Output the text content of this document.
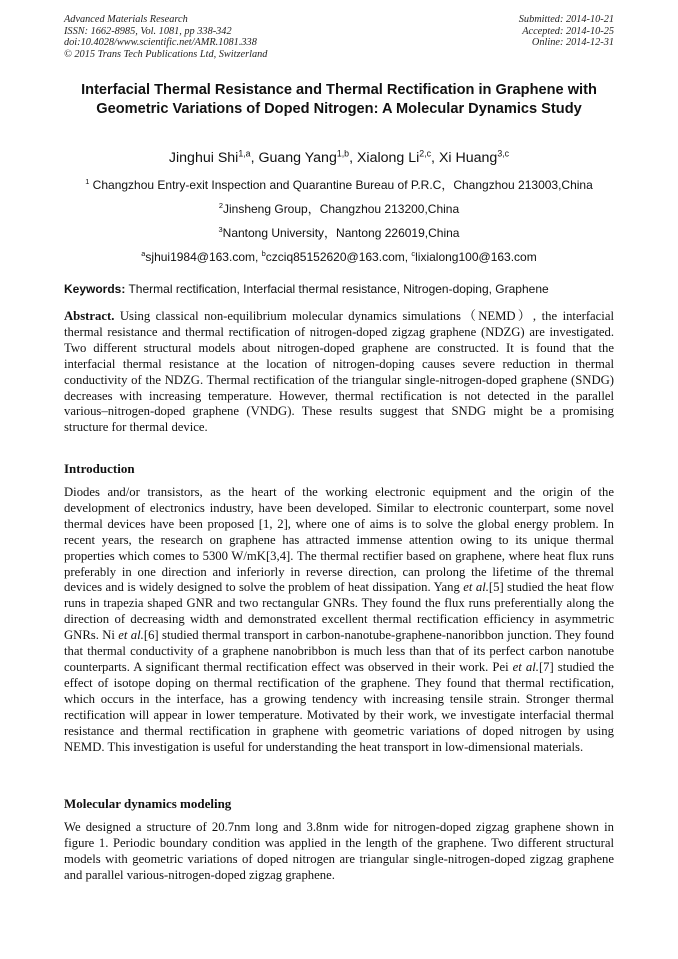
Advanced Materials Research
ISSN: 1662-8985, Vol. 1081, pp 338-342
doi:10.4028/www.scientific.net/AMR.1081.338
© 2015 Trans Tech Publications Ltd, Switzerland
Submitted: 2014-10-21
Accepted: 2014-10-25
Online: 2014-12-31
Interfacial Thermal Resistance and Thermal Rectification in Graphene with Geometric Variations of Doped Nitrogen: A Molecular Dynamics Study
Jinghui Shi$^{1,a}$, Guang Yang$^{1,b}$, Xialong Li$^{2,c}$, Xi Huang$^{3,c}$
$^1$ Changzhou Entry-exit Inspection and Quarantine Bureau of P.R.C，Changzhou 213003,China
$^2$Jinsheng Group，Changzhou 213200,China
$^3$Nantong University，Nantong 226019,China
$^a$sjhui1984@163.com, $^b$czciq85152620@163.com, $^c$lixialong100@163.com
Keywords: Thermal rectification, Interfacial thermal resistance, Nitrogen-doping, Graphene

Abstract. Using classical non-equilibrium molecular dynamics simulations（NEMD）, the interfacial thermal resistance and thermal rectification of nitrogen-doped zigzag graphene (NDZG) are investigated. Two different structural models about nitrogen-doped graphene are constructed. It is found that the interfacial thermal resistance at the location of nitrogen-doping causes severe reduction in thermal conductivity of the NDZG. Thermal rectification of the triangular single-nitrogen-doped graphene (SNDG) decreases with increasing temperature. However, thermal rectification is not detected in the parallel various–nitrogen-doped graphene (VNDG). These results suggest that SNDG might be a promising structure for thermal device.

Introduction

Diodes and/or transistors, as the heart of the working electronic equipment and the origin of the development of electronics industry, have been developed. Similar to electronic counterpart, some novel thermal devices have been proposed [1, 2], where one of aims is to solve the global energy problem. In recent years, the research on graphene has attracted immense attention owing to its unique thermal properties which comes to 5300 W/mK[3,4]. The thermal rectifier based on graphene, where heat flux runs preferably in one direction and inferiorly in reverse direction, can prolong the lifetime of the thremal devices and is widely designed to solve the problem of heat dissipation. Yang et al.[5] studied the heat flow runs in trapezia shaped GNR and two rectangular GNRs. They found the flux runs preferentially along the direction of decreasing width and demonstrated excellent thermal rectification efficiency in asymmetric GNRs. Ni et al.[6] studied thermal transport in carbon-nanotube-graphene-nanoribbon junction. They found that thermal conductivity of a graphene nanobribbon is much less than that of its perfect carbon nanotube counterparts. A significant thermal rectification effect was observed in their work. Pei et al.[7] studied the effect of isotope doping on thermal rectification of the graphene. They found that thermal rectification, which occurs in the interface, has a growing tendency with increasing tensile strain. Stronger thermal rectification will appear in lower temperature. Motivated by their work, we investigate interfacial thermal resistance and thermal rectification in graphene with geometric variations of doped nitrogen by using NEMD. This investigation is useful for understanding the heat transport in low-dimensional materials.

Molecular dynamics modeling

We designed a structure of 20.7nm long and 3.8nm wide for nitrogen-doped zigzag graphene shown in figure 1. Periodic boundary condition was applied in the length of the graphene. Two different structural models with geometric variations of doped nitrogen are triangular single-nitrogen-doped zigzag graphene and parallel various-nitrogen-doped zigzag graphene.
